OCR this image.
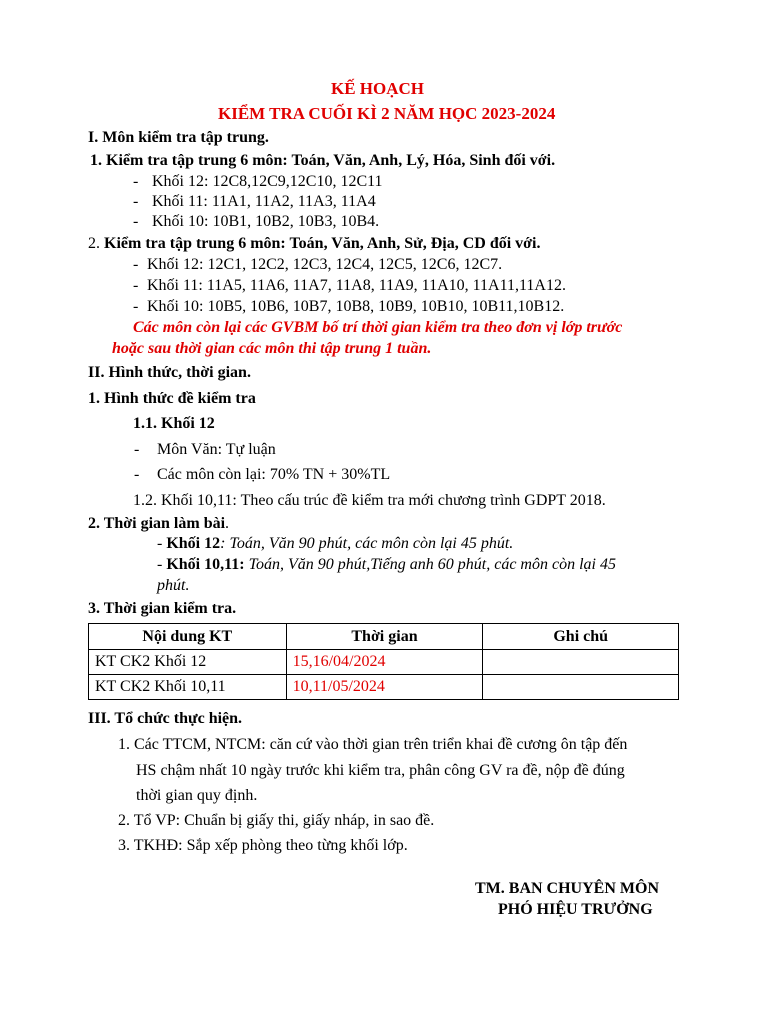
KẾ HOẠCH
KIỂM TRA CUỐI KÌ 2 NĂM HỌC 2023-2024
I. Môn kiểm tra tập trung.
1. Kiểm tra tập trung 6 môn: Toán, Văn, Anh, Lý, Hóa, Sinh đối với.
- Khối 12: 12C8,12C9,12C10, 12C11
- Khối 11: 11A1, 11A2, 11A3, 11A4
- Khối 10: 10B1, 10B2, 10B3, 10B4.
2. Kiểm tra tập trung 6 môn: Toán, Văn, Anh, Sử, Địa, CD đối với.
- Khối 12: 12C1, 12C2, 12C3, 12C4, 12C5, 12C6, 12C7.
- Khối 11: 11A5, 11A6, 11A7, 11A8, 11A9, 11A10, 11A11,11A12.
- Khối 10: 10B5, 10B6, 10B7, 10B8, 10B9, 10B10, 10B11,10B12.
Các môn còn lại các GVBM bố trí thời gian kiểm tra theo đơn vị lớp trước
hoặc sau thời gian các môn thi tập trung 1 tuần.
II. Hình thức, thời gian.
1. Hình thức đề kiểm tra
1.1. Khối 12
- Môn Văn: Tự luận
- Các môn còn lại: 70% TN + 30%TL
1.2. Khối 10,11: Theo cấu trúc đề kiểm tra mới chương trình GDPT 2018.
2. Thời gian làm bài.
- Khối 12: Toán, Văn 90 phút, các môn còn lại 45 phút.
- Khối 10,11: Toán, Văn 90 phút,Tiếng anh 60 phút, các môn còn lại 45
phút.
3. Thời gian kiểm tra.
Nội dung KT	Thời gian	Ghi chú
KT CK2 Khối 12	15,16/04/2024	
KT CK2 Khối 10,11	10,11/05/2024	
III. Tổ chức thực hiện.
1. Các TTCM, NTCM: căn cứ vào thời gian trên triển khai đề cương ôn tập đến
HS chậm nhất 10 ngày trước khi kiểm tra, phân công GV ra đề, nộp đề đúng
thời gian quy định.
2. Tổ VP: Chuẩn bị giấy thi, giấy nháp, in sao đề.
3. TKHĐ: Sắp xếp phòng theo từng khối lớp.
TM. BAN CHUYÊN MÔN
PHÓ HIỆU TRƯỞNG
